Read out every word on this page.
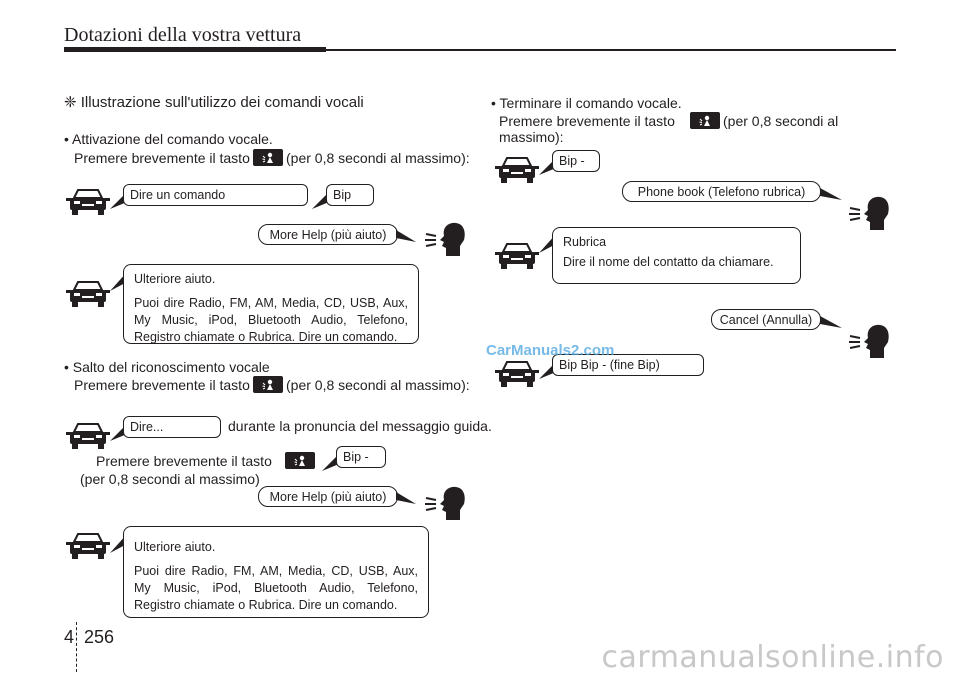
Dotazioni della vostra vettura
❈ Illustrazione sull'utilizzo dei comandi vocali
• Attivazione del comando vocale.
Premere brevemente il tasto	(per 0,8 secondi al massimo):
Dire un comando	Bip
More Help (più aiuto)
Ulteriore aiuto.
Puoi dire Radio, FM, AM, Media, CD, USB, Aux, My Music, iPod, Bluetooth Audio, Telefono, Registro chiamate o Rubrica. Dire un comando.
• Salto del riconoscimento vocale
Premere brevemente il tasto	(per 0,8 secondi al massimo):
Dire...	durante la pronuncia del messaggio guida.
Premere brevemente il tasto
(per 0,8 secondi al massimo)
Bip -
More Help (più aiuto)
Ulteriore aiuto.
Puoi dire Radio, FM, AM, Media, CD, USB, Aux, My Music, iPod, Bluetooth Audio, Telefono, Registro chiamate o Rubrica. Dire un comando.
• Terminare il comando vocale.
Premere brevemente il tasto	(per 0,8 secondi al
massimo):
Bip -
Phone book (Telefono rubrica)
Rubrica
Dire il nome del contatto da chiamare.
Cancel (Annulla)
Bip Bip - (fine Bip)
CarManuals2.com
4 256
carmanualsonline.info
